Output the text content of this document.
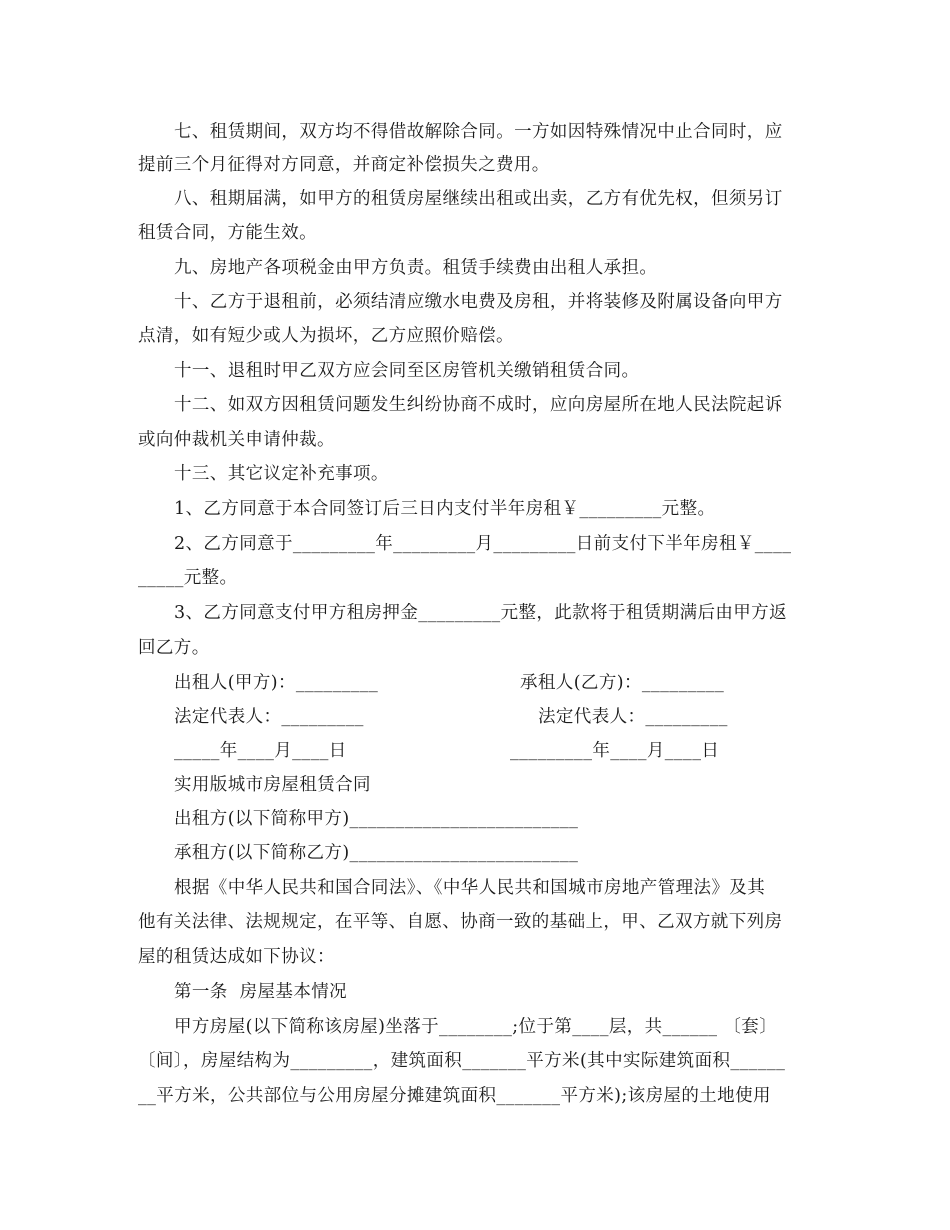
七、租赁期间，双方均不得借故解除合同。一方如因特殊情况中止合同时，应
提前三个月征得对方同意，并商定补偿损失之费用。
八、租期届满，如甲方的租赁房屋继续出租或出卖，乙方有优先权，但须另订
租赁合同，方能生效。
九、房地产各项税金由甲方负责。租赁手续费由出租人承担。
十、乙方于退租前，必须结清应缴水电费及房租，并将装修及附属设备向甲方
点清，如有短少或人为损坏，乙方应照价赔偿。
十一、退租时甲乙双方应会同至区房管机关缴销租赁合同。
十二、如双方因租赁问题发生纠纷协商不成时，应向房屋所在地人民法院起诉
或向仲裁机关申请仲裁。
十三、其它议定补充事项。
1、乙方同意于本合同签订后三日内支付半年房租￥_________元整。
2、乙方同意于_________年_________月_________日前支付下半年房租￥____
_____元整。
3、乙方同意支付甲方租房押金_________元整，此款将于租赁期满后由甲方返
回乙方。
出租人(甲方)：_________	承租人(乙方)：_________
法定代表人：_________	法定代表人：_________
_____年____月____日	_________年____月____日
实用版城市房屋租赁合同
出租方(以下简称甲方)_________________________
承租方(以下简称乙方)_________________________
根据《中华人民共和国合同法》、《中华人民共和国城市房地产管理法》及其
他有关法律、法规规定，在平等、自愿、协商一致的基础上，甲、乙双方就下列房
屋的租赁达成如下协议：
第一条  房屋基本情况
甲方房屋(以下简称该房屋)坐落于________;位于第____层，共______ 〔套〕
〔间〕，房屋结构为_________，建筑面积_______平方米(其中实际建筑面积______
__平方米，公共部位与公用房屋分摊建筑面积_______平方米);该房屋的土地使用
